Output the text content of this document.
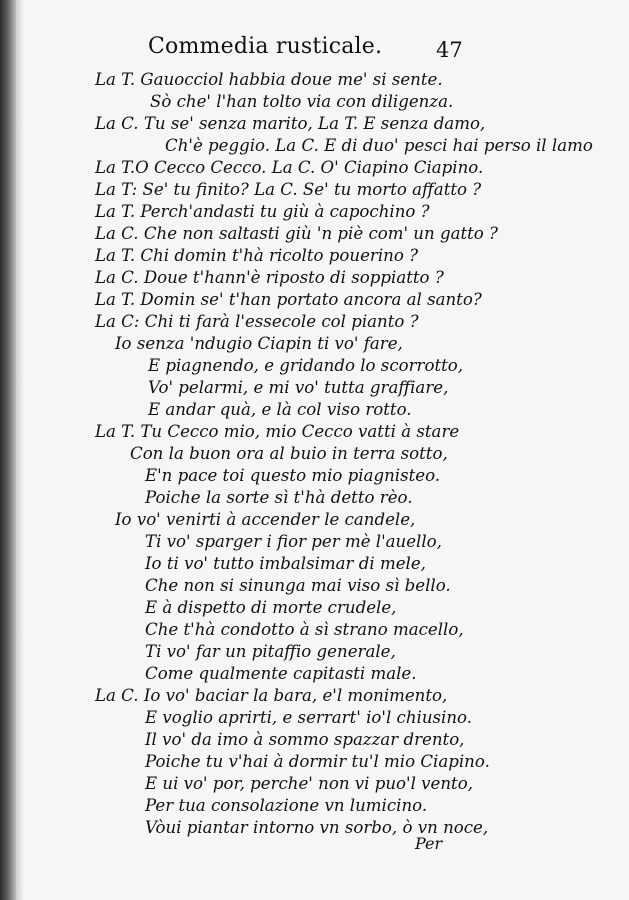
Commedia rusticale.	47
La T. Gauocciol habbia doue me' si sente.
Sò che' l'han tolto via con diligenza.
La C. Tu se' senza marito, La T. E senza damo,
Ch'è peggio. La C. E di duo' pesci hai perso il lamo
La T.O Cecco Cecco. La C. O' Ciapino Ciapino.
La T: Se' tu finito? La C. Se' tu morto affatto ?
La T. Perch'andasti tu giù à capochino ?
La C. Che non saltasti giù 'n piè com' un gatto ?
La T. Chi domin t'hà ricolto pouerino ?
La C. Doue t'hann'è riposto di soppiatto ?
La T. Domin se' t'han portato ancora al santo?
La C: Chi ti farà l'essecole col pianto ?
Io senza 'ndugio Ciapin ti vo' fare,
E piagnendo, e gridando lo scorrotto,
Vo' pelarmi, e mi vo' tutta graffiare,
E andar quà, e là col viso rotto.
La T. Tu Cecco mio, mio Cecco vatti à stare
Con la buon ora al buio in terra sotto,
E'n pace toi questo mio piagnisteo.
Poiche la sorte sì t'hà detto rèo.
Io vo' venirti à accender le candele,
Ti vo' sparger i fior per mè l'auello,
Io ti vo' tutto imbalsimar di mele,
Che non si sinunga mai viso sì bello.
E à dispetto di morte crudele,
Che t'hà condotto à sì strano macello,
Ti vo' far un pitaffio generale,
Come qualmente capitasti male.
La C. Io vo' baciar la bara, e'l monimento,
E voglio aprirti, e serrart' io'l chiusino.
Il vo' da imo à sommo spazzar drento,
Poiche tu v'hai à dormir tu'l mio Ciapino.
E ui vo' por, perche' non vi puo'l vento,
Per tua consolazione vn lumicino.
Vòui piantar intorno vn sorbo, ò vn noce,
Per
